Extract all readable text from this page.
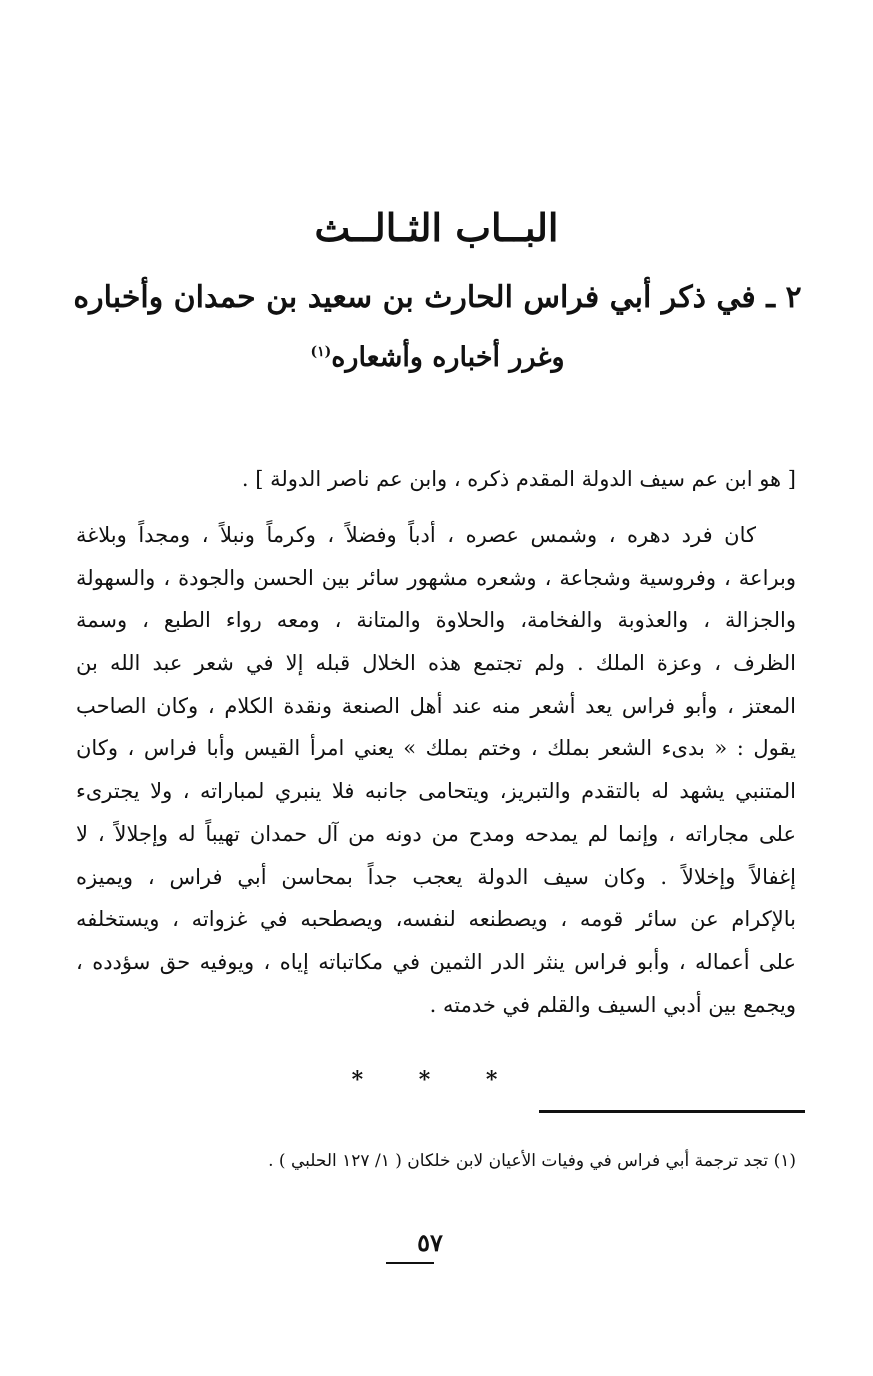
البــاب الثـالــث
٢ ـ في ذكر أبي فراس الحارث بن سعيد بن حمدان وأخباره
وغرر أخباره وأشعاره$^{(١)}$
[ هو ابن عم سيف الدولة المقدم ذكره ، وابن عم ناصر الدولة ] .
كان فرد دهره ، وشمس عصره ، أدباً وفضلاً ، وكرماً ونبلاً ، ومجداً وبلاغة
وبراعة ، وفروسية وشجاعة ، وشعره مشهور سائر بين الحسن والجودة ، والسهولة
والجزالة ، والعذوبة والفخامة، والحلاوة والمتانة ، ومعه رواء الطبع ، وسمة
الظرف ، وعزة الملك . ولم تجتمع هذه الخلال قبله إلا في شعر عبد الله بن
المعتز ، وأبو فراس يعد أشعر منه عند أهل الصنعة ونقدة الكلام ، وكان الصاحب
يقول : « بدىء الشعر بملك ، وختم بملك » يعني امرأ القيس وأبا فراس ، وكان
المتنبي يشهد له بالتقدم والتبريز، ويتحامى جانبه فلا ينبري لمباراته ، ولا يجترىء
على مجاراته ، وإنما لم يمدحه ومدح من دونه من آل حمدان تهيباً له وإجلالاً ، لا
إغفالاً وإخلالاً . وكان سيف الدولة يعجب جداً بمحاسن أبي فراس ، ويميزه
بالإكرام عن سائر قومه ، ويصطنعه لنفسه، ويصطحبه في غزواته ، ويستخلفه
على أعماله ، وأبو فراس ينثر الدر الثمين في مكاتباته إياه ، ويوفيه حق سؤدده ،
ويجمع بين أدبي السيف والقلم في خدمته .
* * *
(١) تجد ترجمة أبي فراس في وفيات الأعيان لابن خلكان ( ١/ ١٢٧ الحلبي ) .
٥٧
